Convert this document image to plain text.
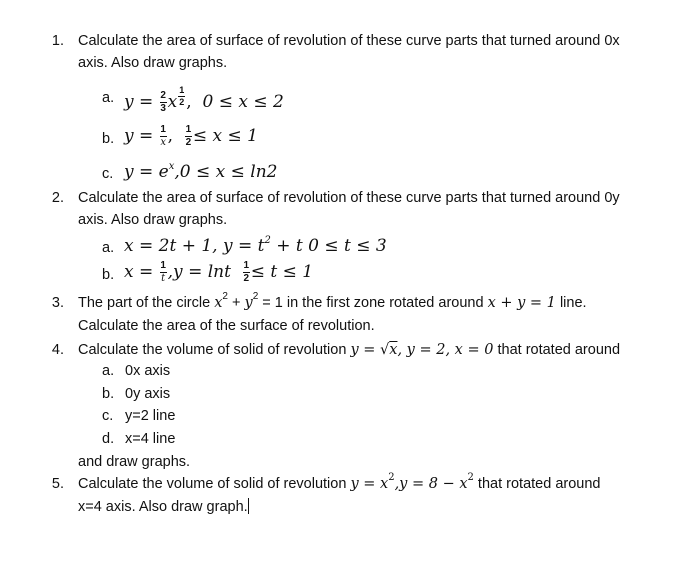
1. Calculate the area of surface of revolution of these curve parts that turned around 0x
axis. Also draw graphs.
a. $y = \frac{2}{3}$ x $^{\frac{1}{2}}$ , 0 ≤ x ≤ 2
b. $y = \frac{1}{x}$ , $\frac{1}{2} \le x \le 1$
c. $y = e^x,0 \le x \le \ln 2$
2. Calculate the area of surface of revolution of these curve parts that turned around 0y
axis. Also draw graphs.
a. x = 2t + 1, $y = t^2 + t$ 0 ≤ t ≤ 3
b. $x = \frac{1}{t} ,y = \ln t \frac{1}{2} \le t \le 1$
3. The part of the circle $x^2 + y^2 = 1$ in the first zone rotated around x + y = 1 line.
Calculate the area of the surface of revolution.
4. Calculate the volume of solid of revolution y = √x, y = 2, x = 0 that rotated around
a. 0x axis
b. 0y axis
c. y=2 line
d. x=4 line
and draw graphs.
5. Calculate the volume of solid of revolution $y = x^2,y = 8 - x^2$ that rotated around
x=4 axis. Also draw graph.
